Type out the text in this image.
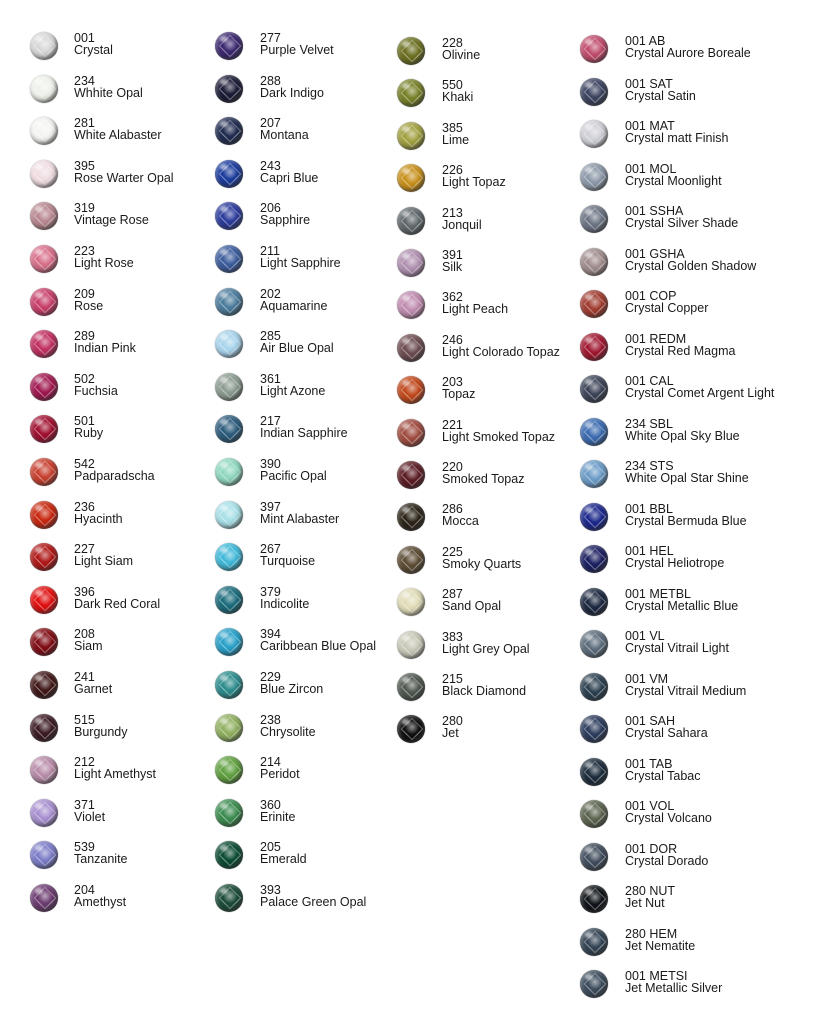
001
Crystal
234
Whhite Opal
281
White Alabaster
395
Rose Warter Opal
319
Vintage Rose
223
Light Rose
209
Rose
289
Indian Pink
502
Fuchsia
501
Ruby
542
Padparadscha
236
Hyacinth
227
Light Siam
396
Dark Red Coral
208
Siam
241
Garnet
515
Burgundy
212
Light Amethyst
371
Violet
539
Tanzanite
204
Amethyst
277
Purple Velvet
288
Dark Indigo
207
Montana
243
Capri Blue
206
Sapphire
211
Light Sapphire
202
Aquamarine
285
Air Blue Opal
361
Light Azone
217
Indian Sapphire
390
Pacific Opal
397
Mint Alabaster
267
Turquoise
379
Indicolite
394
Caribbean Blue Opal
229
Blue Zircon
238
Chrysolite
214
Peridot
360
Erinite
205
Emerald
393
Palace Green Opal
228
Olivine
550
Khaki
385
Lime
226
Light Topaz
213
Jonquil
391
Silk
362
Light Peach
246
Light Colorado Topaz
203
Topaz
221
Light Smoked Topaz
220
Smoked Topaz
286
Mocca
225
Smoky Quarts
287
Sand Opal
383
Light Grey Opal
215
Black Diamond
280
Jet
001 AB
Crystal Aurore Boreale
001 SAT
Crystal Satin
001 MAT
Crystal matt Finish
001 MOL
Crystal Moonlight
001 SSHA
Crystal Silver Shade
001 GSHA
Crystal Golden Shadow
001 COP
Crystal Copper
001 REDM
Crystal Red Magma
001 CAL
Crystal Comet Argent Light
234 SBL
White Opal Sky Blue
234 STS
White Opal Star Shine
001 BBL
Crystal Bermuda Blue
001 HEL
Crystal Heliotrope
001 METBL
Crystal Metallic Blue
001 VL
Crystal Vitrail Light
001 VM
Crystal Vitrail Medium
001 SAH
Crystal Sahara
001 TAB
Crystal Tabac
001 VOL
Crystal Volcano
001 DOR
Crystal Dorado
280 NUT
Jet Nut
280 HEM
Jet Nematite
001 METSI
Jet Metallic Silver
